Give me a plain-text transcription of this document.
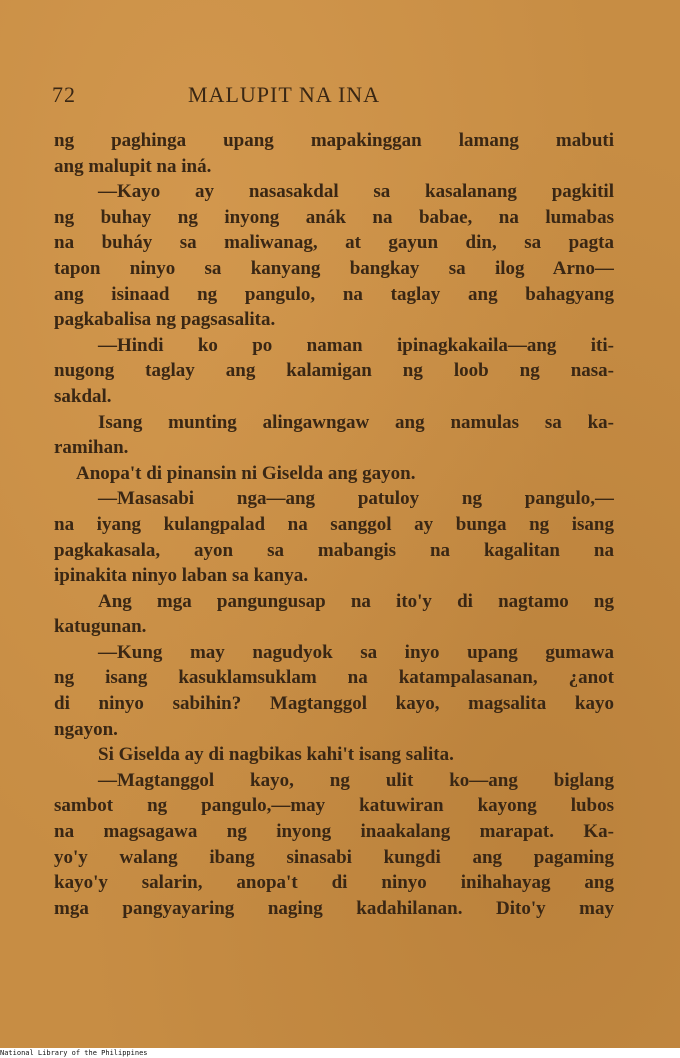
72	MALUPIT NA INA
ng paghinga upang mapakinggan lamang mabuti
ang malupit na iná.
—Kayo ay nasasakdal sa kasalanang pagkitil
ng buhay ng inyong anák na babae, na lumabas
na buháy sa maliwanag, at gayun din, sa pagta
tapon ninyo sa kanyang bangkay sa ilog Arno—
ang isinaad ng pangulo, na taglay ang bahagyang
pagkabalisa ng pagsasalita.
—Hindi ko po naman ipinagkakaila—ang iti-
nugong taglay ang kalamigan ng loob ng nasa-
sakdal.
Isang munting alingawngaw ang namulas sa ka-
ramihan.
Anopa't di pinansin ni Giselda ang gayon.
—Masasabi nga—ang patuloy ng pangulo,—
na iyang kulangpalad na sanggol ay bunga ng isang
pagkakasala, ayon sa mabangis na kagalitan na
ipinakita ninyo laban sa kanya.
Ang mga pangungusap na ito'y di nagtamo ng
katugunan.
—Kung may nagudyok sa inyo upang gumawa
ng isang kasuklamsuklam na katampalasanan, ¿anot
di ninyo sabihin? Magtanggol kayo, magsalita kayo
ngayon.
Si Giselda ay di nagbikas kahi't isang salita.
—Magtanggol kayo, ng ulit ko—ang biglang
sambot ng pangulo,—may katuwiran kayong lubos
na magsagawa ng inyong inaakalang marapat. Ka-
yo'y walang ibang sinasabi kungdi ang pagaming
kayo'y salarin, anopa't di ninyo inihahayag ang
mga pangyayaring naging kadahilanan. Dito'y may
National Library of the Philippines
